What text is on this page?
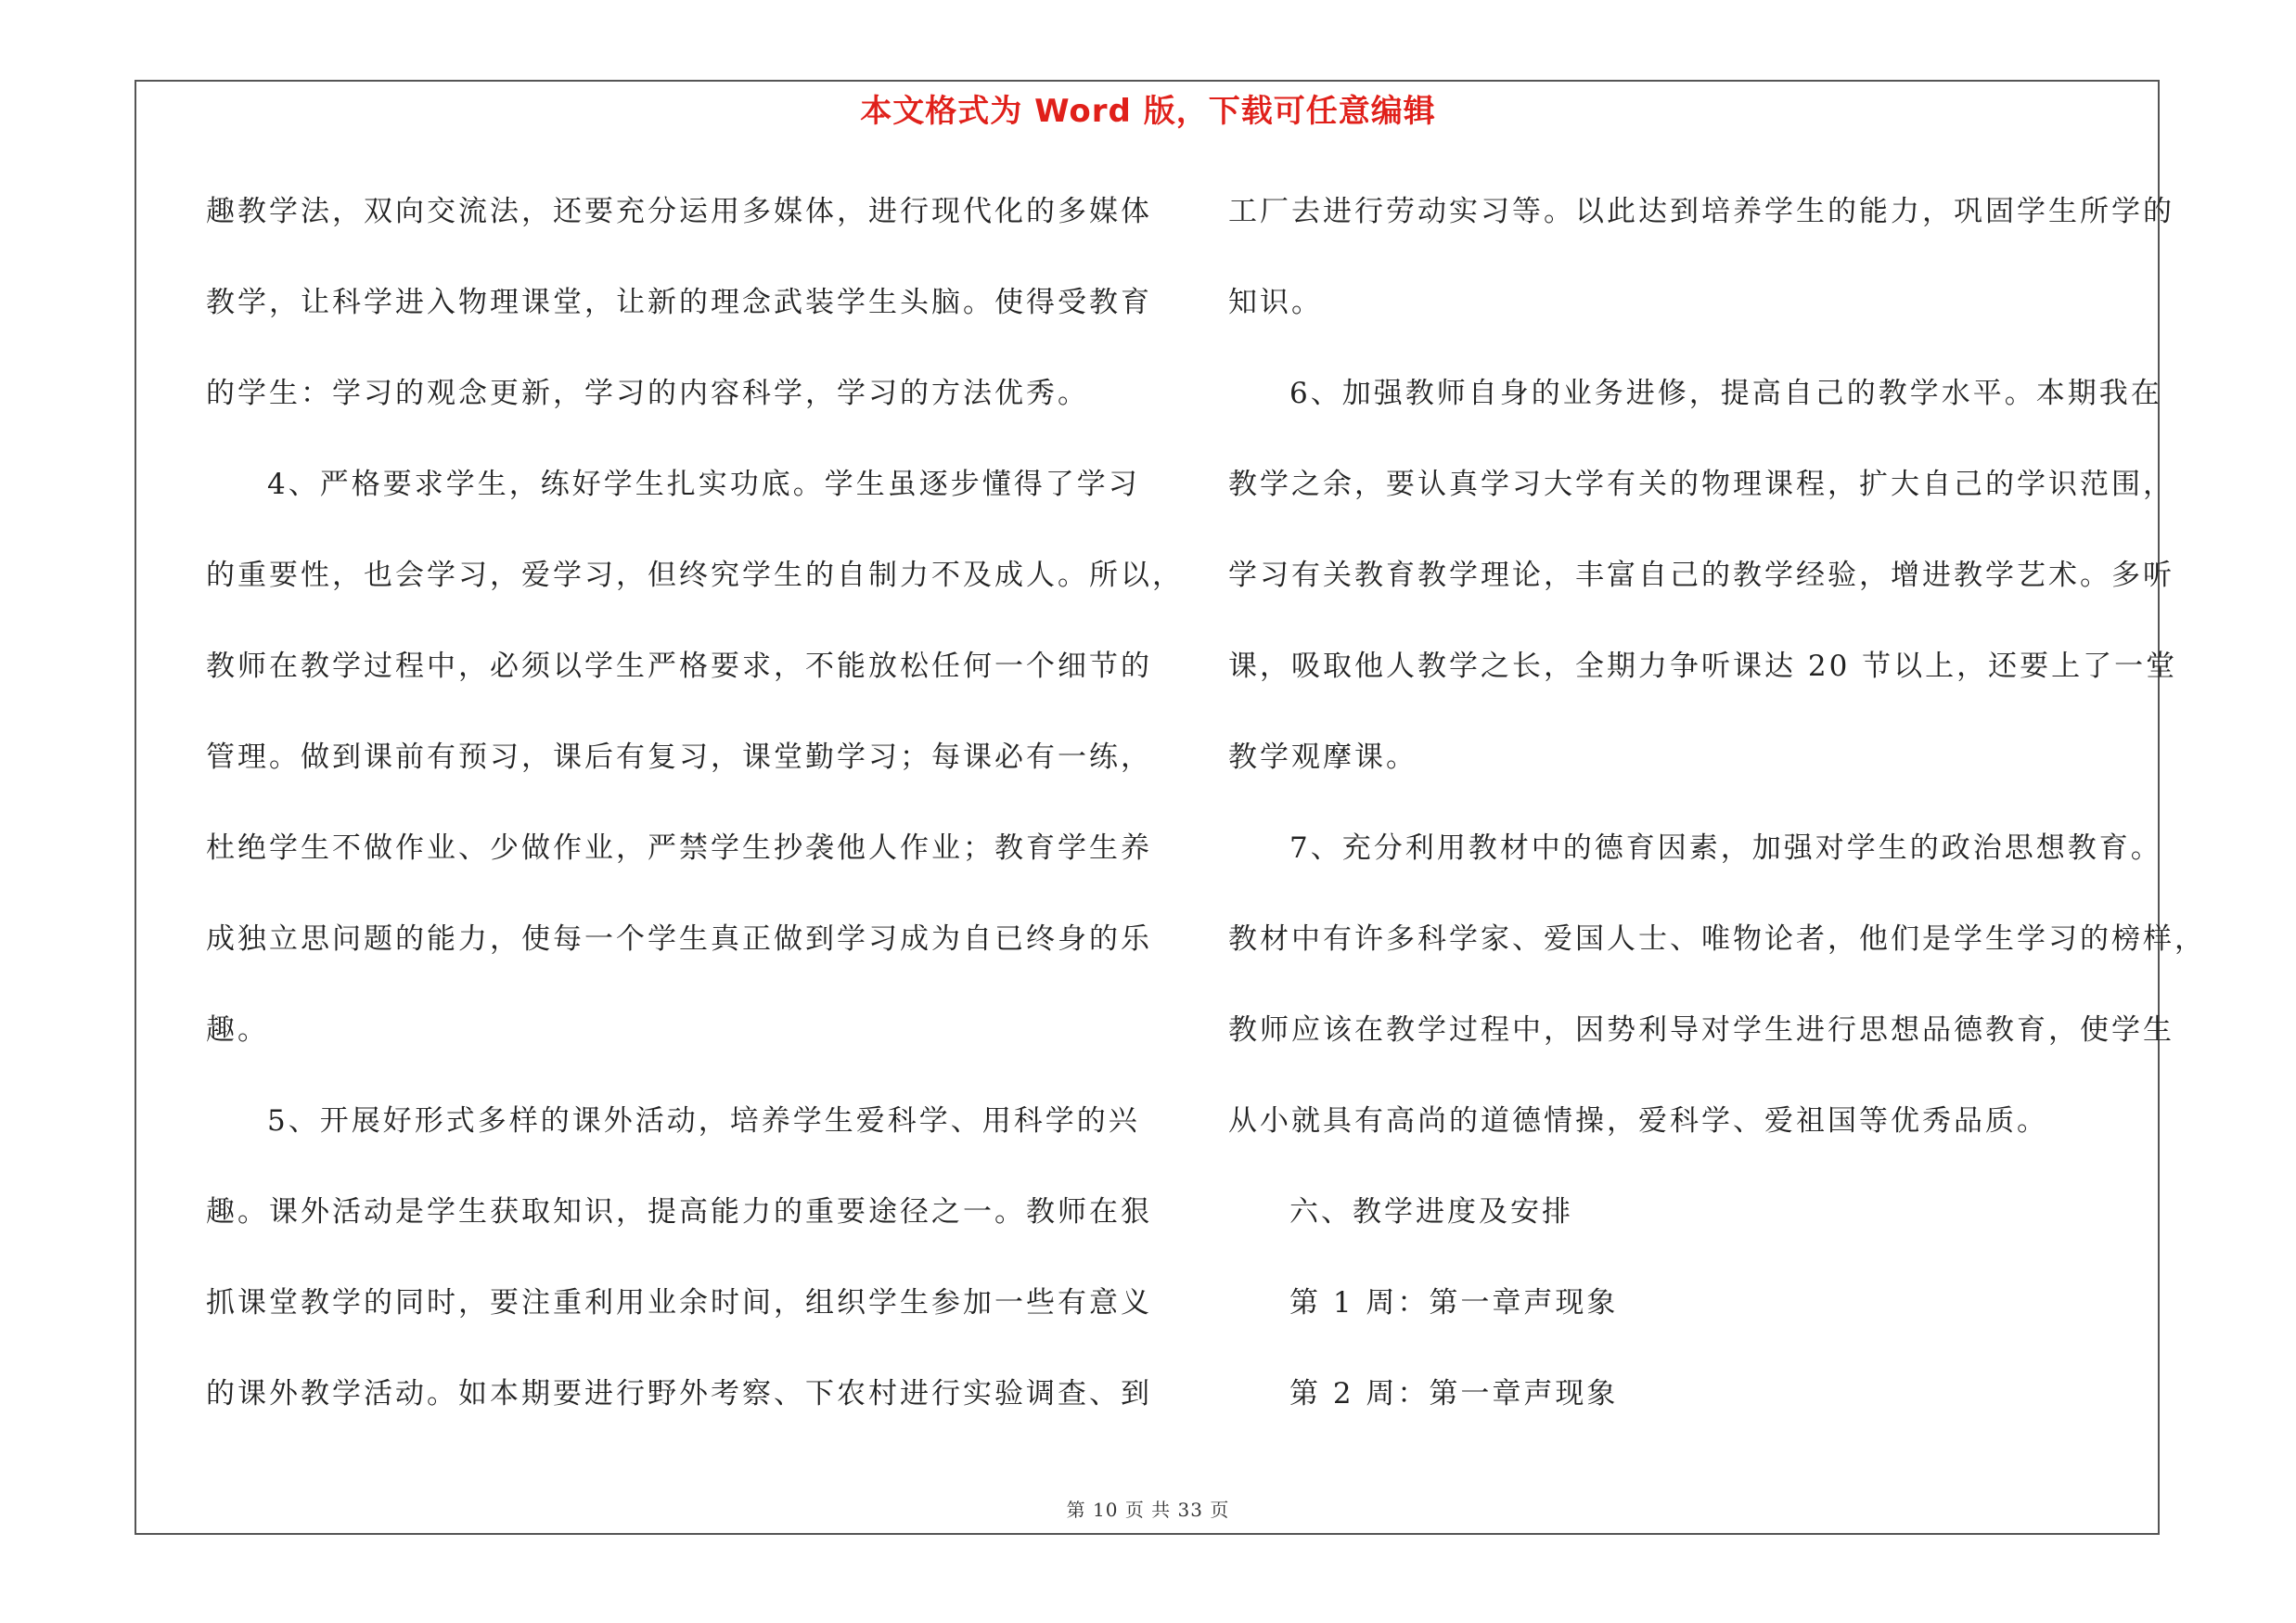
本文格式为 Word 版，下载可任意编辑
趣教学法，双向交流法，还要充分运用多媒体，进行现代化的多媒体
教学，让科学进入物理课堂，让新的理念武装学生头脑。使得受教育
的学生：学习的观念更新，学习的内容科学，学习的方法优秀。
4、严格要求学生，练好学生扎实功底。学生虽逐步懂得了学习
的重要性，也会学习，爱学习，但终究学生的自制力不及成人。所以，
教师在教学过程中，必须以学生严格要求，不能放松任何一个细节的
管理。做到课前有预习，课后有复习，课堂勤学习；每课必有一练，
杜绝学生不做作业、少做作业，严禁学生抄袭他人作业；教育学生养
成独立思问题的能力，使每一个学生真正做到学习成为自已终身的乐
趣。
5、开展好形式多样的课外活动，培养学生爱科学、用科学的兴
趣。课外活动是学生获取知识，提高能力的重要途径之一。教师在狠
抓课堂教学的同时，要注重利用业余时间，组织学生参加一些有意义
的课外教学活动。如本期要进行野外考察、下农村进行实验调查、到
工厂去进行劳动实习等。以此达到培养学生的能力，巩固学生所学的
知识。
6、加强教师自身的业务进修，提高自己的教学水平。本期我在
教学之余，要认真学习大学有关的物理课程，扩大自己的学识范围，
学习有关教育教学理论，丰富自己的教学经验，增进教学艺术。多听
课，吸取他人教学之长，全期力争听课达 20 节以上，还要上了一堂
教学观摩课。
7、充分利用教材中的德育因素，加强对学生的政治思想教育。
教材中有许多科学家、爱国人士、唯物论者，他们是学生学习的榜样，
教师应该在教学过程中，因势利导对学生进行思想品德教育，使学生
从小就具有高尚的道德情操，爱科学、爱祖国等优秀品质。
六、教学进度及安排
第 1 周：第一章声现象
第 2 周：第一章声现象
第 10 页 共 33 页
